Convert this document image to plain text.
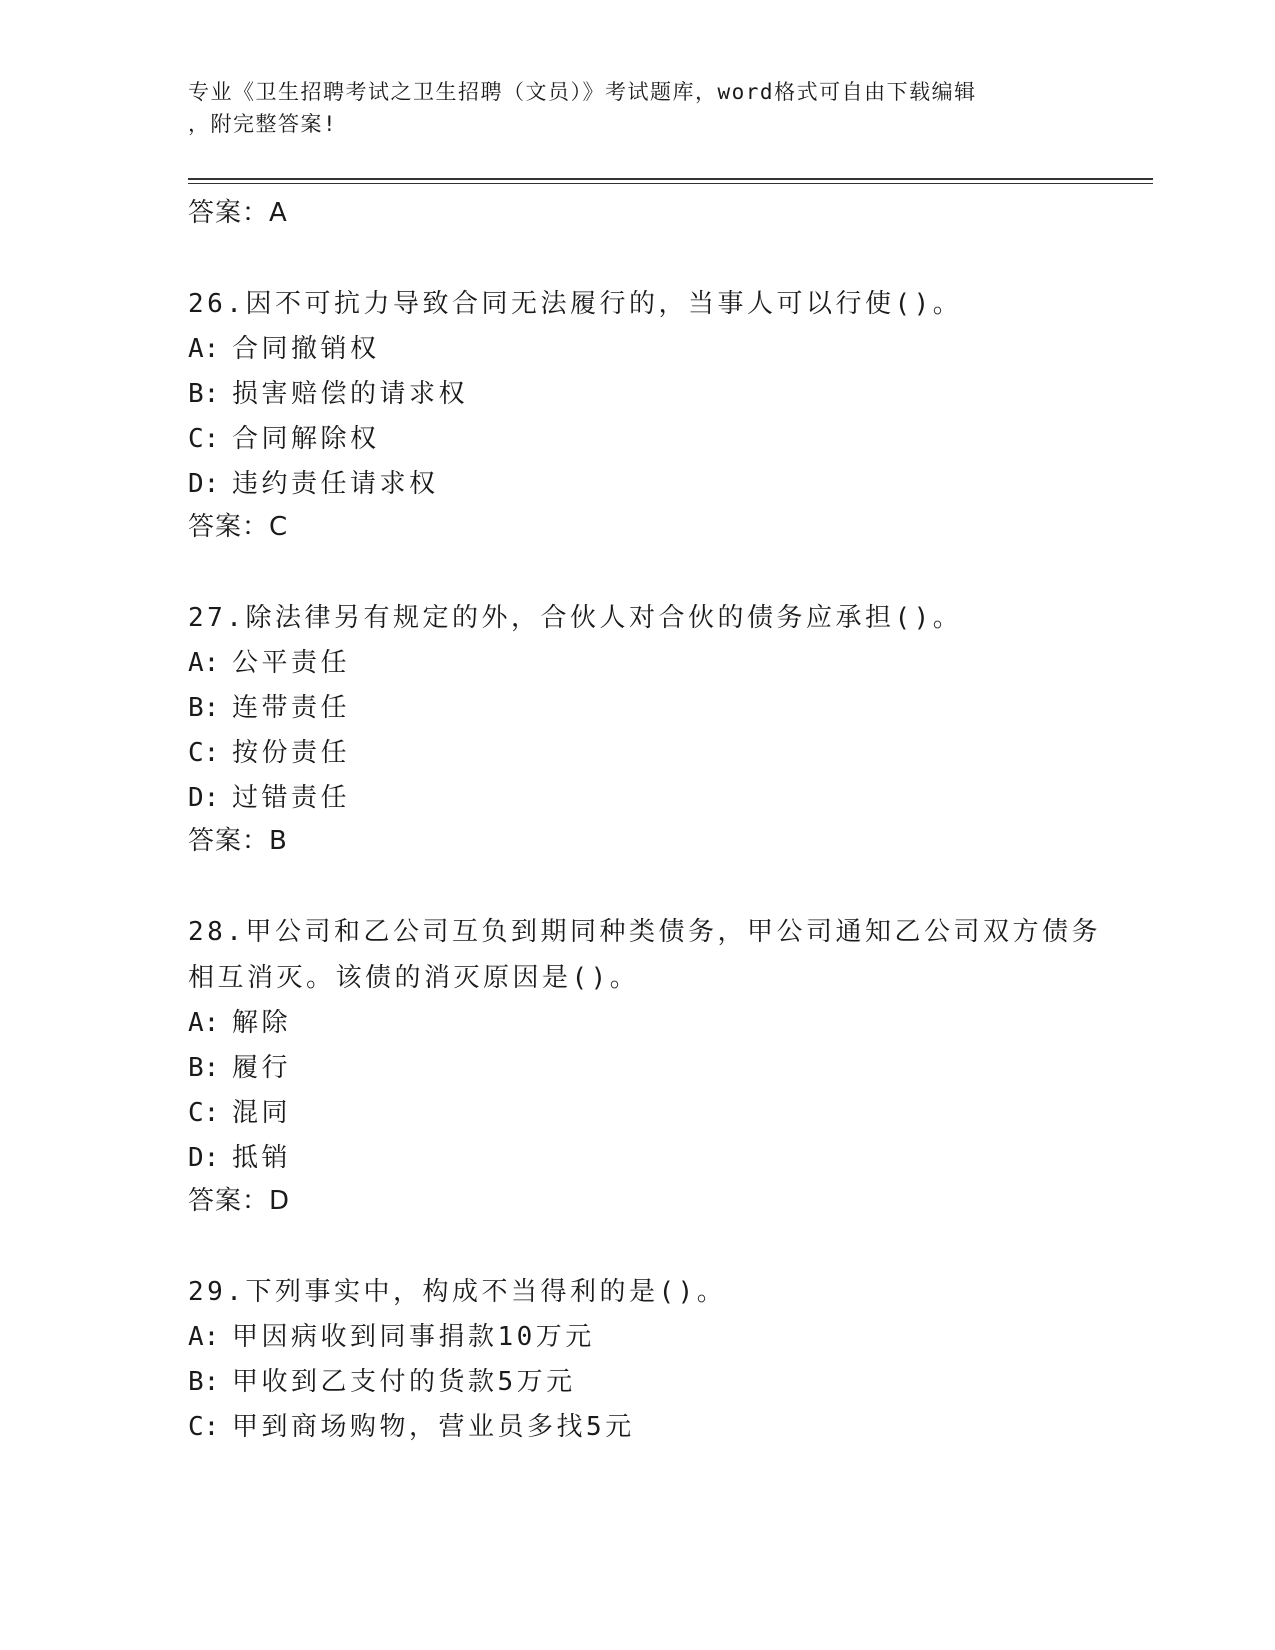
专业《卫生招聘考试之卫生招聘（文员）》考试题库，word格式可自由下载编辑
，附完整答案!
答案：A
26.因不可抗力导致合同无法履行的，当事人可以行使()。
A: 合同撤销权
B: 损害赔偿的请求权
C: 合同解除权
D: 违约责任请求权
答案：C
27.除法律另有规定的外，合伙人对合伙的债务应承担()。
A: 公平责任
B: 连带责任
C: 按份责任
D: 过错责任
答案：B
28.甲公司和乙公司互负到期同种类债务，甲公司通知乙公司双方债务
相互消灭。该债的消灭原因是()。
A: 解除
B: 履行
C: 混同
D: 抵销
答案：D
29.下列事实中，构成不当得利的是()。
A: 甲因病收到同事捐款10万元
B: 甲收到乙支付的货款5万元
C: 甲到商场购物，营业员多找5元
